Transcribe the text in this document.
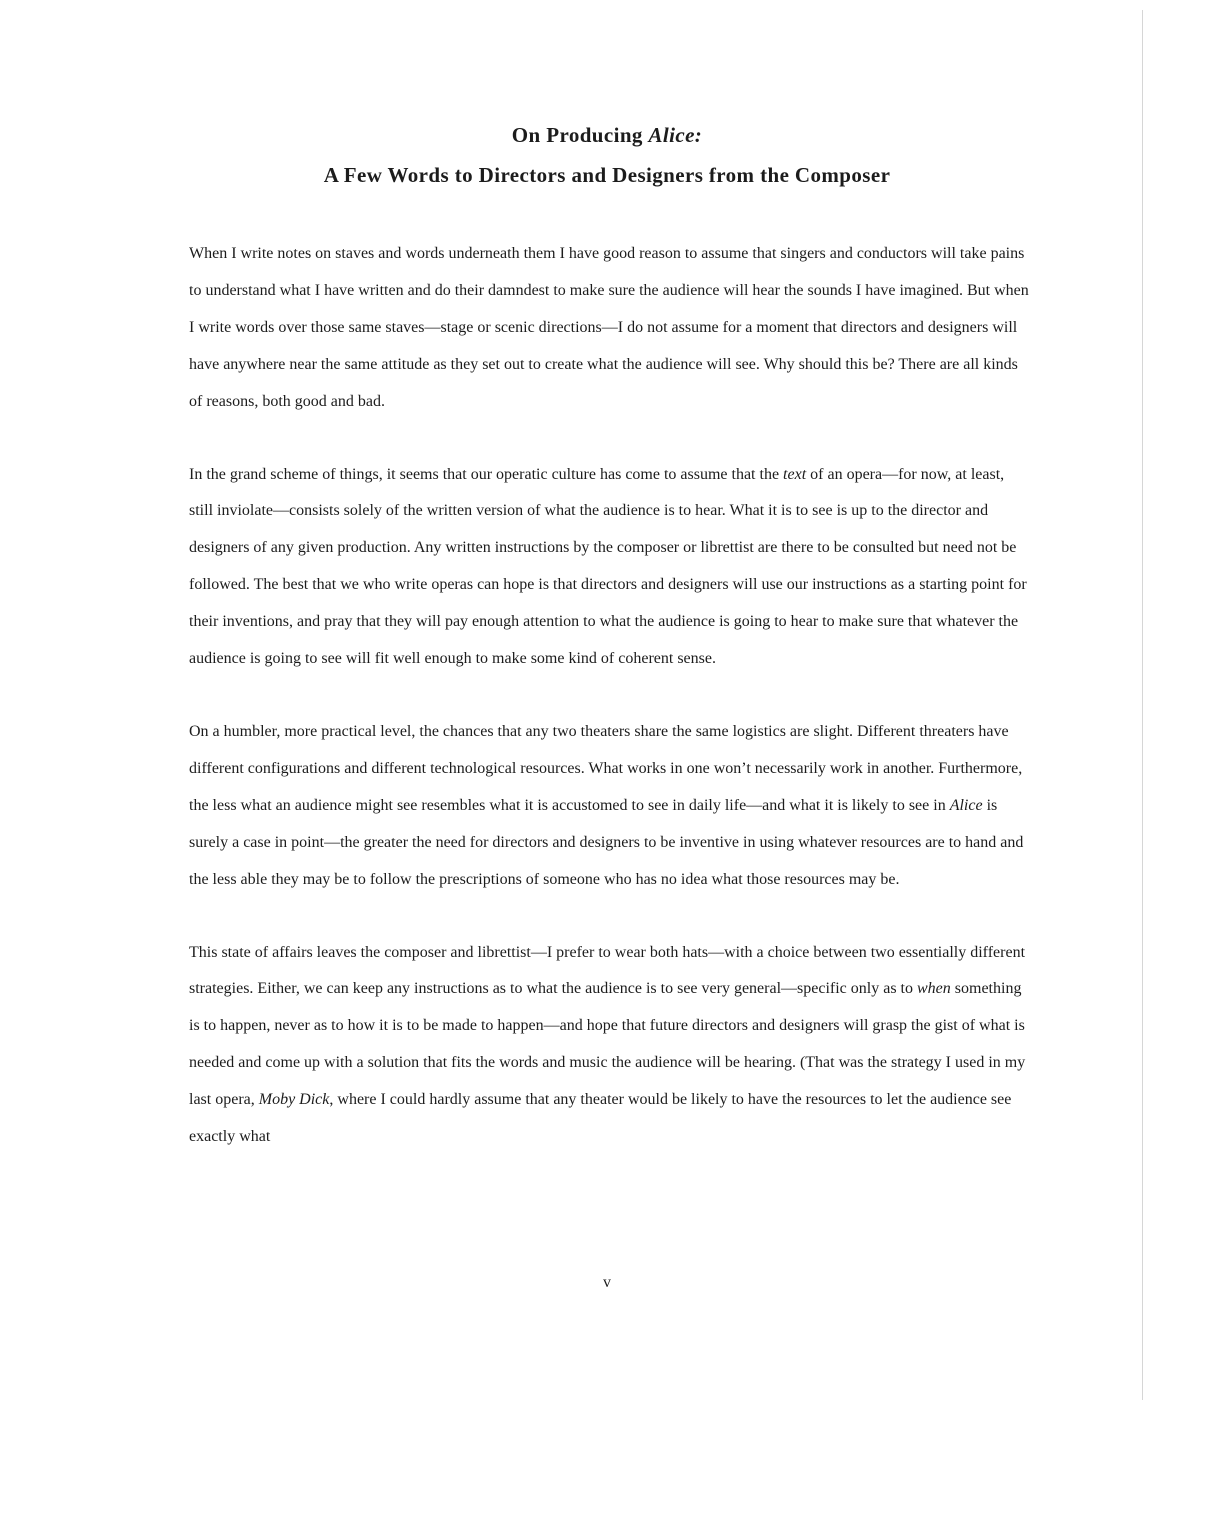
On Producing Alice:
A Few Words to Directors and Designers from the Composer

When I write notes on staves and words underneath them I have good reason to assume that singers and conductors will take pains to understand what I have written and do their damndest to make sure the audience will hear the sounds I have imagined. But when I write words over those same staves—stage or scenic directions—I do not assume for a moment that directors and designers will have anywhere near the same attitude as they set out to create what the audience will see. Why should this be? There are all kinds of reasons, both good and bad.

In the grand scheme of things, it seems that our operatic culture has come to assume that the text of an opera—for now, at least, still inviolate—consists solely of the written version of what the audience is to hear. What it is to see is up to the director and designers of any given production. Any written instructions by the composer or librettist are there to be consulted but need not be followed. The best that we who write operas can hope is that directors and designers will use our instructions as a starting point for their inventions, and pray that they will pay enough attention to what the audience is going to hear to make sure that whatever the audience is going to see will fit well enough to make some kind of coherent sense.

On a humbler, more practical level, the chances that any two theaters share the same logistics are slight. Different threaters have different configurations and different technological resources. What works in one won’t necessarily work in another. Furthermore, the less what an audience might see resembles what it is accustomed to see in daily life—and what it is likely to see in Alice is surely a case in point—the greater the need for directors and designers to be inventive in using whatever resources are to hand and the less able they may be to follow the prescriptions of someone who has no idea what those resources may be.

This state of affairs leaves the composer and librettist—I prefer to wear both hats—with a choice between two essentially different strategies. Either, we can keep any instructions as to what the audience is to see very general—specific only as to when something is to happen, never as to how it is to be made to happen—and hope that future directors and designers will grasp the gist of what is needed and come up with a solution that fits the words and music the audience will be hearing. (That was the strategy I used in my last opera, Moby Dick, where I could hardly assume that any theater would be likely to have the resources to let the audience see exactly what

v
